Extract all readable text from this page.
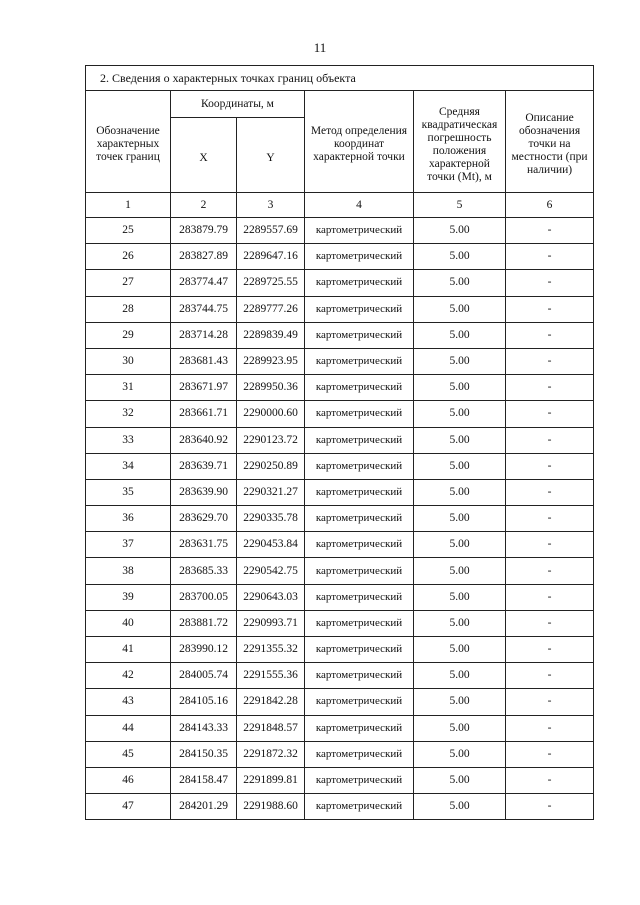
11
2. Сведения о характерных точках границ объекта					

Обозначение характерных точек границ	Координаты, м		Метод определения координат характерной точки	Средняя квадратическая погрешность положения характерной точки (Mt), м	Описание обозначения точки на местности (при наличии)

	X	Y			

1	2	3	4	5	6
25	283879.79	2289557.69	картометрический	5.00	-
26	283827.89	2289647.16	картометрический	5.00	-
27	283774.47	2289725.55	картометрический	5.00	-
28	283744.75	2289777.26	картометрический	5.00	-
29	283714.28	2289839.49	картометрический	5.00	-
30	283681.43	2289923.95	картометрический	5.00	-
31	283671.97	2289950.36	картометрический	5.00	-
32	283661.71	2290000.60	картометрический	5.00	-
33	283640.92	2290123.72	картометрический	5.00	-
34	283639.71	2290250.89	картометрический	5.00	-
35	283639.90	2290321.27	картометрический	5.00	-
36	283629.70	2290335.78	картометрический	5.00	-
37	283631.75	2290453.84	картометрический	5.00	-
38	283685.33	2290542.75	картометрический	5.00	-
39	283700.05	2290643.03	картометрический	5.00	-
40	283881.72	2290993.71	картометрический	5.00	-
41	283990.12	2291355.32	картометрический	5.00	-
42	284005.74	2291555.36	картометрический	5.00	-
43	284105.16	2291842.28	картометрический	5.00	-
44	284143.33	2291848.57	картометрический	5.00	-
45	284150.35	2291872.32	картометрический	5.00	-
46	284158.47	2291899.81	картометрический	5.00	-
47	284201.29	2291988.60	картометрический	5.00	-
